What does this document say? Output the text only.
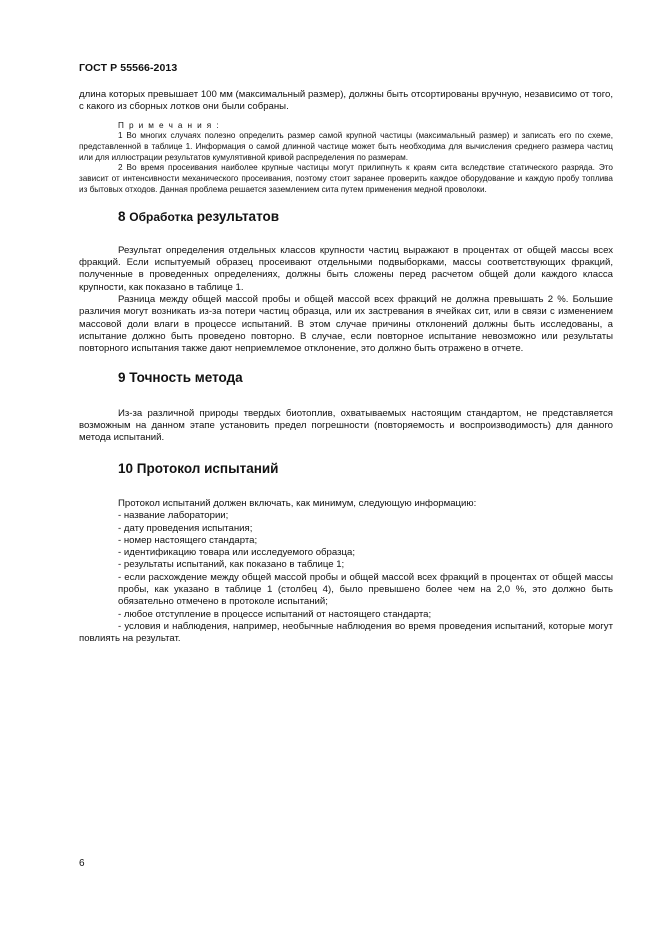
ГОСТ Р 55566-2013

длина которых превышает 100 мм (максимальный размер), должны быть отсортированы вручную, независимо от того, с какого из сборных лотков они были собраны.

П р и м е ч а н и я :

1 Во многих случаях полезно определить размер самой крупной частицы (максимальный размер) и записать его по схеме, представленной в таблице 1. Информация о самой длинной частице может быть необходима для вычисления среднего размера частиц или для иллюстрации результатов кумулятивной кривой распределения по размерам.

2 Во время просеивания наиболее крупные частицы могут прилипнуть к краям сита вследствие статического разряда. Это зависит от интенсивности механического просеивания, поэтому стоит заранее проверить каждое оборудование и каждую пробу топлива из бытовых отходов. Данная проблема решается заземлением сита путем применения медной проволоки.

8 Обработка результатов

Результат определения отдельных классов крупности частиц выражают в процентах от общей массы всех фракций. Если испытуемый образец просеивают отдельными подвыборками, массы соответствующих фракций, полученные в проведенных определениях, должны быть сложены перед расчетом общей доли каждого класса крупности, как показано в таблице 1.

Разница между общей массой пробы и общей массой всех фракций не должна превышать 2 %. Большие различия могут возникать из-за потери частиц образца, или их застревания в ячейках сит, или в связи с изменением массовой доли влаги в процессе испытаний. В этом случае причины отклонений должны быть исследованы, а испытание должно быть проведено повторно. В случае, если повторное испытание невозможно или результаты повторного испытания также дают неприемлемое отклонение, это должно быть отражено в отчете.

9 Точность метода

Из-за различной природы твердых биотоплив, охватываемых настоящим стандартом, не представляется возможным на данном этапе установить предел погрешности (повторяемость и воспроизводимость) для данного метода испытаний.

10 Протокол испытаний

Протокол испытаний должен включать, как минимум, следующую информацию:

- название лаборатории;
- дату проведения испытания;
- номер настоящего стандарта;
- идентификацию товара или исследуемого образца;
- результаты испытаний, как показано в таблице 1;
- если расхождение между общей массой пробы и общей массой всех фракций в процентах от общей массы пробы, как указано в таблице 1 (столбец 4), было превышено более чем на 2,0 %, это должно быть обязательно отмечено в протоколе испытаний;
- любое отступление в процессе испытаний от настоящего стандарта;
- условия и наблюдения, например, необычные наблюдения во время проведения испытаний, которые могут повлиять на результат.
6
